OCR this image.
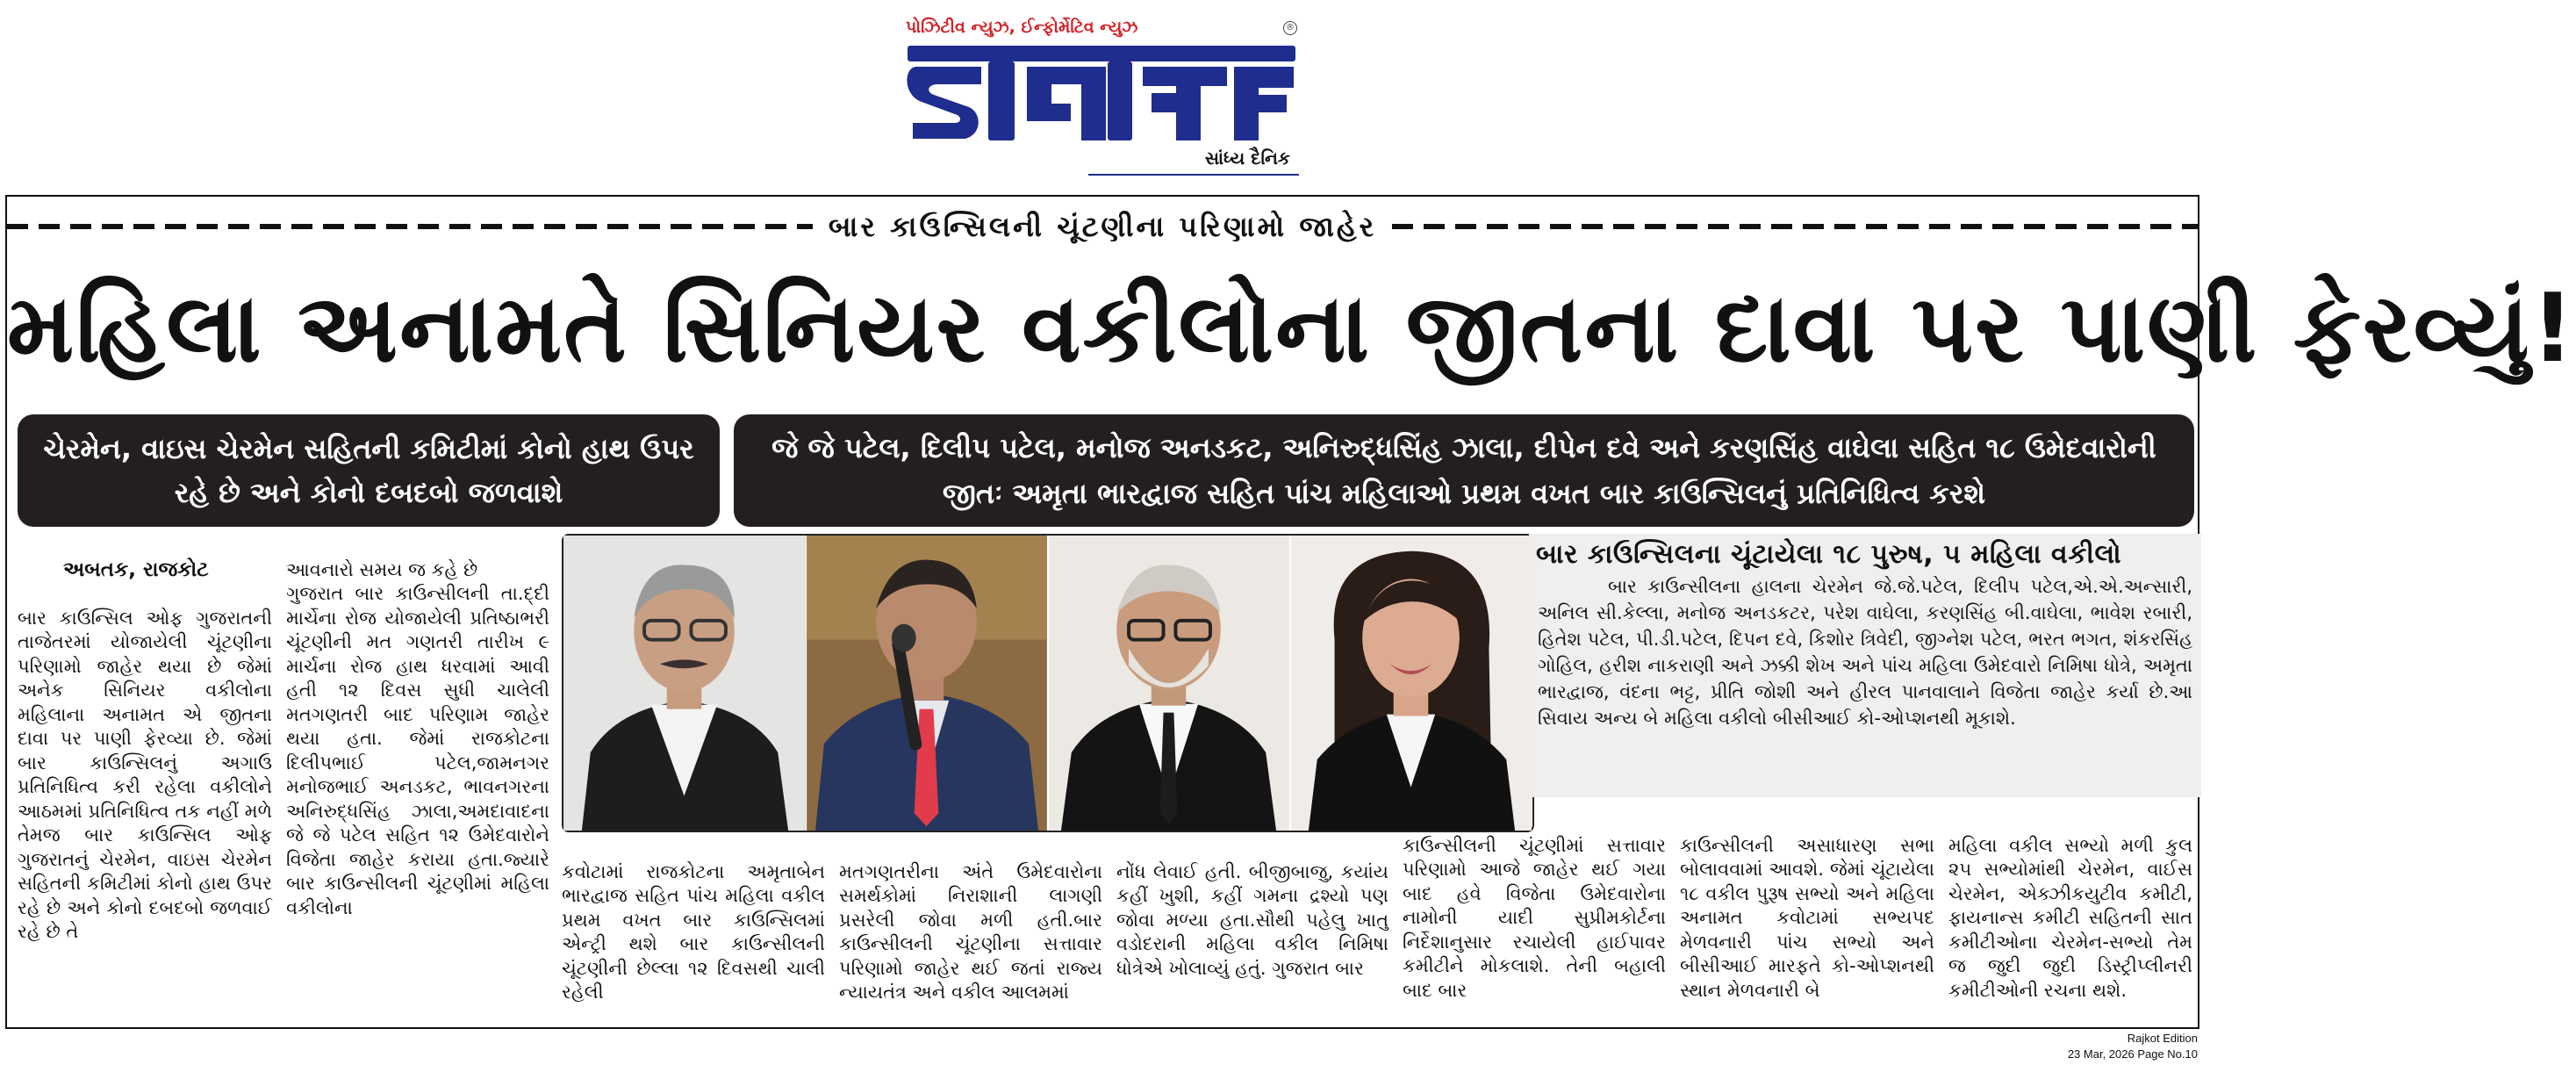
પોઝિટીવ ન્યુઝ, ઈન્ફોર્મેટિવ ન્યુઝ	®
સાંધ્ય દૈનિક
બાર કાઉન્સિલની ચૂંટણીના પરિણામો જાહેર
મહિલા અનામતે સિનિયર વકીલોના જીતના દાવા પર પાણી ફેરવ્યું!
ચેરમેન, વાઇસ ચેરમેન સહિતની કમિટીમાં કોનો હાથ ઉપર રહે છે અને કોનો દબદબો જળવાશે
જે જે પટેલ, દિલીપ પટેલ, મનોજ અનડકટ, અનિરુદ્ધસિંહ ઝાલા, દીપેન દવે અને કરણસિંહ વાઘેલા સહિત ૧૮ ઉમેદવારોની જીતઃ અમૃતા ભારદ્વાજ સહિત પાંચ મહિલાઓ પ્રથમ વખત બાર કાઉન્સિલનું પ્રતિનિધિત્વ કરશે

અબતક, રાજકોટ

બાર કાઉન્સિલ ઓફ ગુજરાતની તાજેતરમાં યોજાયેલી ચૂંટણીના પરિણામો જાહેર થયા છે જેમાં અનેક સિનિયર વકીલોના મહિલાના અનામત એ જીતના દાવા પર પાણી ફેરવ્યા છે. જેમાં બાર કાઉન્સિલનું અગાઉ પ્રતિનિધિત્વ કરી રહેલા વકીલોને આઠમમાં પ્રતિનિધિત્વ તક નહીં મળે તેમજ બાર કાઉન્સિલ ઓફ ગુજરાતનું ચેરમેન, વાઇસ ચેરમેન સહિતની કમિટીમાં કોનો હાથ ઉપર રહે છે અને કોનો દબદબો જળવાઈ રહે છે તે

આવનારો સમય જ કહે છે
ગુજરાત બાર કાઉન્સીલની તા.દ્દી માર્ચેના રોજ યોજાયેલી પ્રતિષ્ઠાભરી ચૂંટણીની મત ગણતરી તારીખ ૯ માર્ચના રોજ હાથ ધરવામાં આવી હતી ૧૨ દિવસ સુધી ચાલેલી મતગણતરી બાદ પરિણામ જાહેર થયા હતા. જેમાં રાજકોટના દિલીપભાઈ પટેલ,જામનગર મનોજભાઈ અનડકટ, ભાવનગરના અનિરુદ્ધસિંહ ઝાલા,અમદાવાદના જે જે પટેલ સહિત ૧૨ ઉમેદવારોને વિજેતા જાહેર કરાયા હતા.જ્યારે બાર કાઉન્સીલની ચૂંટણીમાં મહિલા વકીલોના

બાર કાઉન્સિલના ચૂંટાયેલા ૧૮ પુરુષ, ૫ મહિલા વકીલો
બાર કાઉન્સીલના હાલના ચેરમેન જે.જે.પટેલ, દિલીપ પટેલ,એ.એ.અન્સારી, અનિલ સી.કેલ્લા, મનોજ અનડકટર, પરેશ વાઘેલા, કરણસિંહ બી.વાઘેલા, ભાવેશ રબારી, હિતેશ પટેલ, પી.ડી.પટેલ, દિપન દવે, કિશોર ત્રિવેદી, જીગ્નેશ પટેલ, ભરત ભગત, શંકરસિંહ ગોહિલ, હરીશ નાકરાણી અને ઝક્કી શેખ અને પાંચ મહિલા ઉમેદવારો નિમિષા ધોત્રે, અમૃતા ભારદ્વાજ, વંદના ભટ્ટ, પ્રીતિ જોશી અને હીરલ પાનવાલાને વિજેતા જાહેર કર્યા છે.આ સિવાય અન્ય બે મહિલા વકીલો બીસીઆઈ કો-ઓપ્શનથી મૂકાશે.

કવોટામાં રાજકોટના અમૃતાબેન ભારદ્વાજ સહિત પાંચ મહિલા વકીલ પ્રથમ વખત બાર કાઉન્સિલમાં એન્ટ્રી થશે બાર કાઉન્સીલની ચૂંટણીની છેલ્લા ૧૨ દિવસથી ચાલી રહેલી

મતગણતરીના અંતે ઉમેદવારોના સમર્થકોમાં નિરાશાની લાગણી પ્રસરેલી જોવા મળી હતી.બાર કાઉન્સીલની ચૂંટણીના સત્તાવાર પરિણામો જાહેર થઈ જતાં રાજ્ય ન્યાયતંત્ર અને વકીલ આલમમાં

નોંધ લેવાઈ હતી. બીજીબાજુ, કયાંય કહીં ખુશી, કહીં ગમના દ્રશ્યો પણ જોવા મળ્યા હતા.સૌથી પહેલુ ખાતુ વડોદરાની મહિલા વકીલ નિમિષા ધોત્રેએ ખોલાવ્યું હતું. ગુજરાત બાર

કાઉન્સીલની ચૂંટણીમાં સત્તાવાર પરિણામો આજે જાહેર થઈ ગયા બાદ હવે વિજેતા ઉમેદવારોના નામોની યાદી સુપ્રીમકોર્ટના નિર્દેશાનુસાર રચાયેલી હાઈપાવર કમીટીને મોકલાશે. તેની બહાલી બાદ બાર

કાઉન્સીલની અસાધારણ સભા બોલાવવામાં આવશે. જેમાં ચૂંટાયેલા ૧૮ વકીલ પુરૂષ સભ્યો અને મહિલા અનામત કવોટામાં સભ્યપદ મેળવનારી પાંચ સભ્યો અને બીસીઆઈ મારફતે કો-ઓપ્શનથી સ્થાન મેળવનારી બે

મહિલા વકીલ સભ્યો મળી કુલ ૨૫ સભ્યોમાંથી ચેરમેન, વાઈસ ચેરમેન, એક્ઝીકયુટીવ કમીટી, ફાયનાન્સ કમીટી સહિતની સાત કમીટીઓના ચેરમેન-સભ્યો તેમ જ જુદી જુદી ડિસ્ટ્રીપ્લીનરી કમીટીઓની રચના થશે.

Rajkot Edition
23 Mar, 2026 Page No.10
